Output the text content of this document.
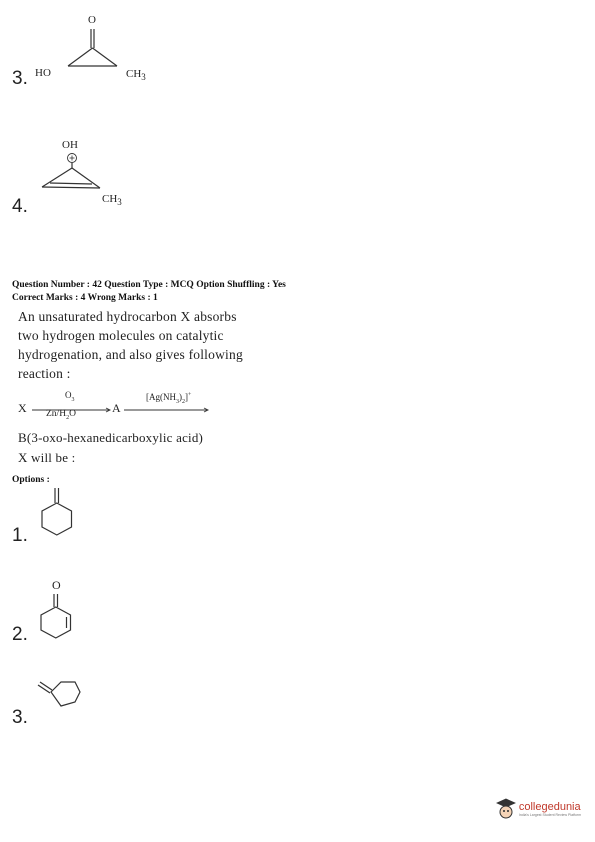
3.
O
HO	$CH_3$
4.
OH
$CH_3$
Question Number : 42 Question Type : MCQ Option Shuffling : Yes
Correct Marks : 4 Wrong Marks : 1
An unsaturated hydrocarbon X absorbs
two hydrogen molecules on catalytic
hydrogenation, and also gives following
reaction :
X
$O_3$
$Zn/H_2O$	A
$[Ag(NH_3)_2]^+$
B(3-oxo-hexanedicarboxylic acid)
X will be :
Options :
1.
O
2.
3.
collegedunia
India's Largest Student Review Platform
